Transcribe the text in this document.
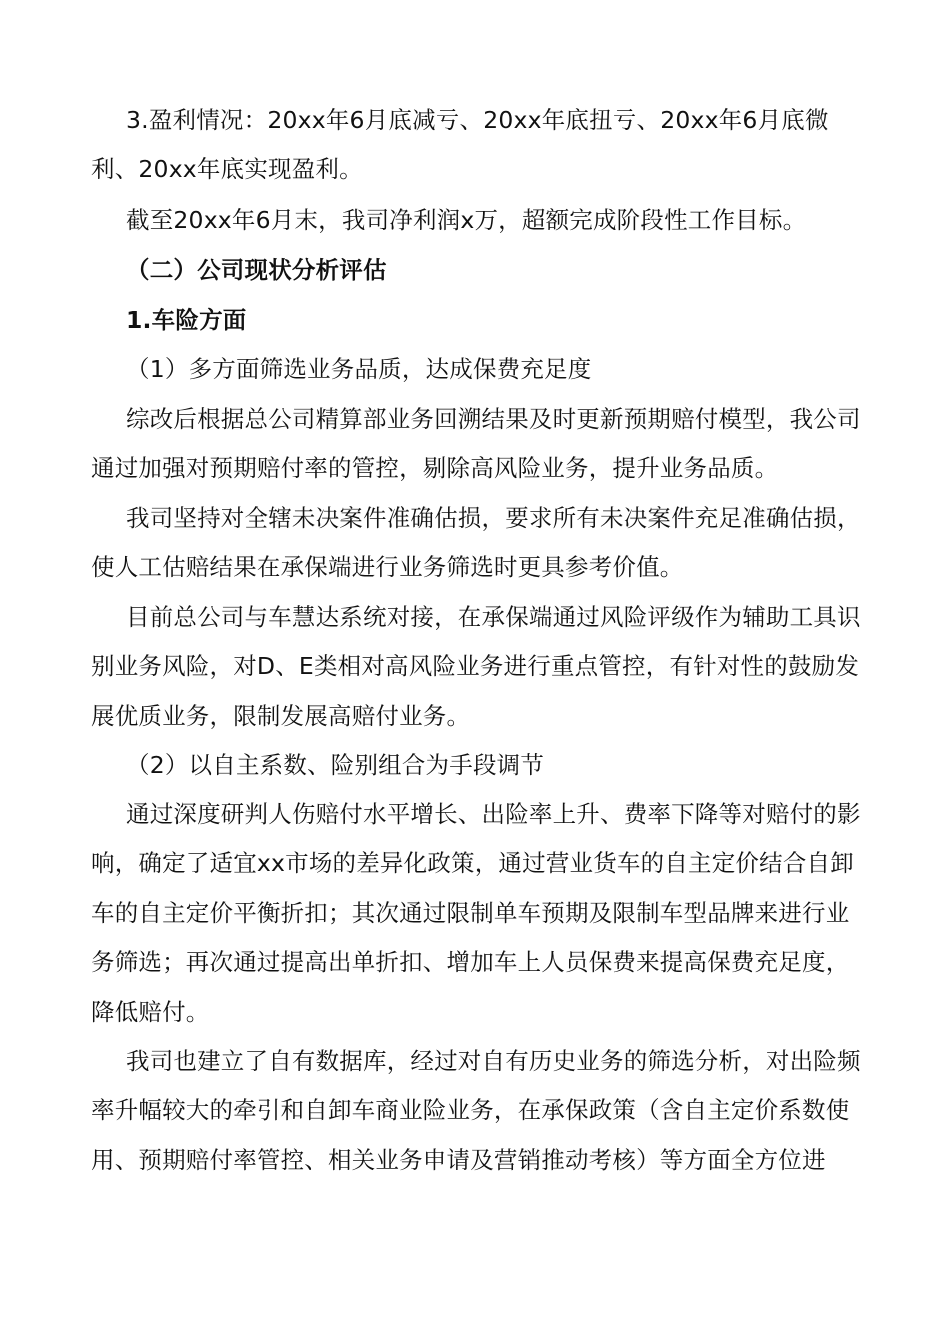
3.盈利情况：20xx年6月底减亏、20xx年底扭亏、20xx年6月底微利、20xx年底实现盈利。

截至20xx年6月末，我司净利润x万，超额完成阶段性工作目标。

（二）公司现状分析评估

1.车险方面

（1）多方面筛选业务品质，达成保费充足度

综改后根据总公司精算部业务回溯结果及时更新预期赔付模型，我公司通过加强对预期赔付率的管控，剔除高风险业务，提升业务品质。

我司坚持对全辖未决案件准确估损，要求所有未决案件充足准确估损，使人工估赔结果在承保端进行业务筛选时更具参考价值。

目前总公司与车慧达系统对接，在承保端通过风险评级作为辅助工具识别业务风险，对D、E类相对高风险业务进行重点管控，有针对性的鼓励发展优质业务，限制发展高赔付业务。

（2）以自主系数、险别组合为手段调节

通过深度研判人伤赔付水平增长、出险率上升、费率下降等对赔付的影响，确定了适宜xx市场的差异化政策，通过营业货车的自主定价结合自卸车的自主定价平衡折扣；其次通过限制单车预期及限制车型品牌来进行业务筛选；再次通过提高出单折扣、增加车上人员保费来提高保费充足度，降低赔付。

我司也建立了自有数据库，经过对自有历史业务的筛选分析，对出险频率升幅较大的牵引和自卸车商业险业务，在承保政策（含自主定价系数使用、预期赔付率管控、相关业务申请及营销推动考核）等方面全方位进
